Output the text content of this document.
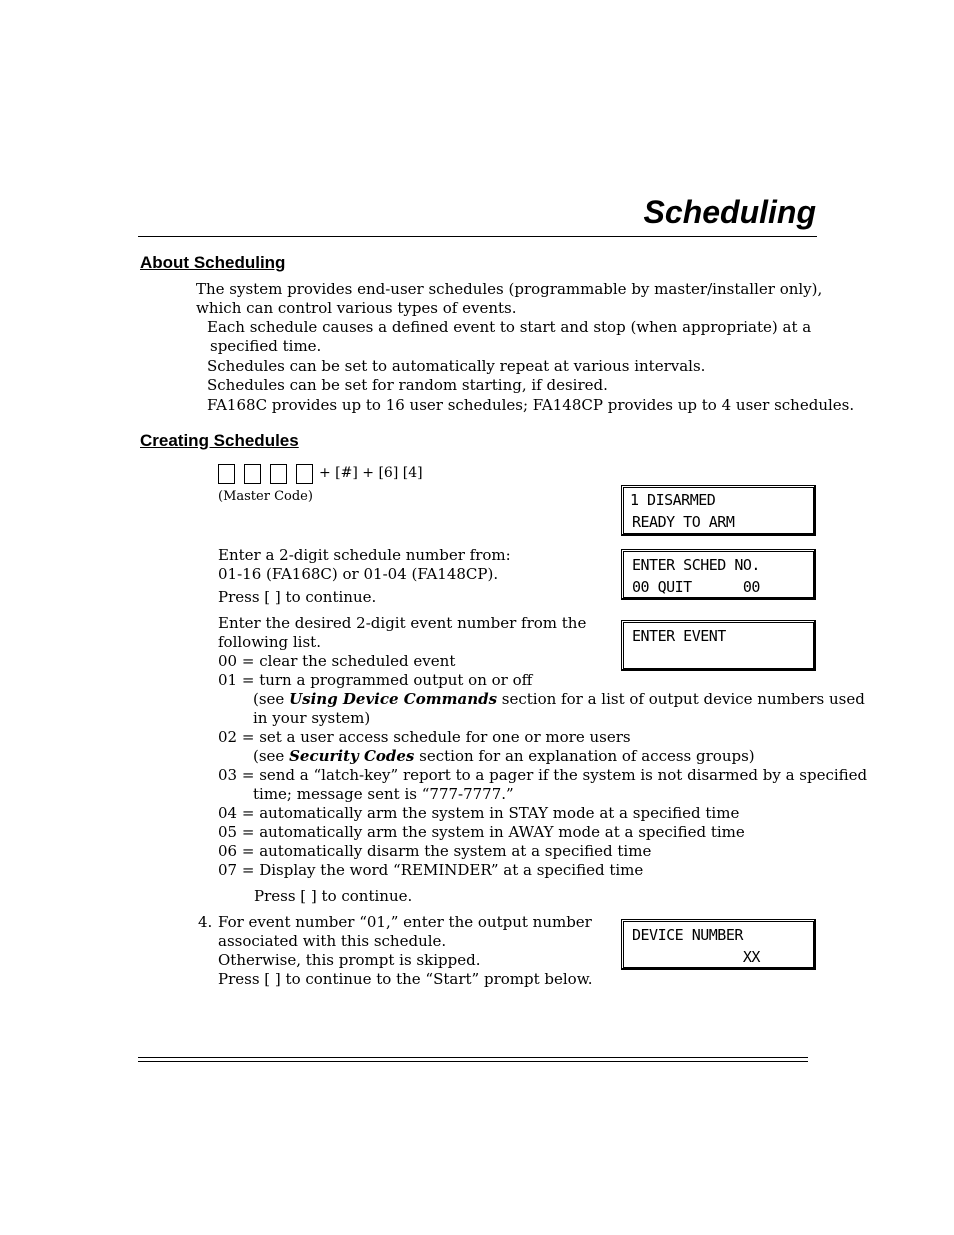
Scheduling
About Scheduling
The system provides end-user schedules (programmable by master/installer only),
which can control various types of events.
Each schedule causes a defined event to start and stop (when appropriate) at a
specified time.
Schedules can be set to automatically repeat at various intervals.
Schedules can be set for random starting, if desired.
FA168C provides up to 16 user schedules; FA148CP provides up to 4 user schedules.
Creating Schedules
+ [#] + [6] [4]
(Master Code)	1 DISARMED
READY TO ARM
Enter a 2-digit schedule number from:
01-16 (FA168C) or 01-04 (FA148CP).
Press [ ] to continue.
ENTER SCHED NO.
00 QUIT      00
Enter the desired 2-digit event number from the
following list.	ENTER EVENT
00 = clear the scheduled event
01 = turn a programmed output on or off
(see Using Device Commands section for a list of output device numbers used
in your system)
02 = set a user access schedule for one or more users
(see Security Codes section for an explanation of access groups)
03 = send a “latch-key” report to a pager if the system is not disarmed by a specified
time; message sent is “777-7777.”
04 = automatically arm the system in STAY mode at a specified time
05 = automatically arm the system in AWAY mode at a specified time
06 = automatically disarm the system at a specified time
07 = Display the word “REMINDER” at a specified time
Press [ ] to continue.
4. For event number “01,” enter the output number
associated with this schedule.
Otherwise, this prompt is skipped.
Press [ ] to continue to the “Start” prompt below.
DEVICE NUMBER
XX
